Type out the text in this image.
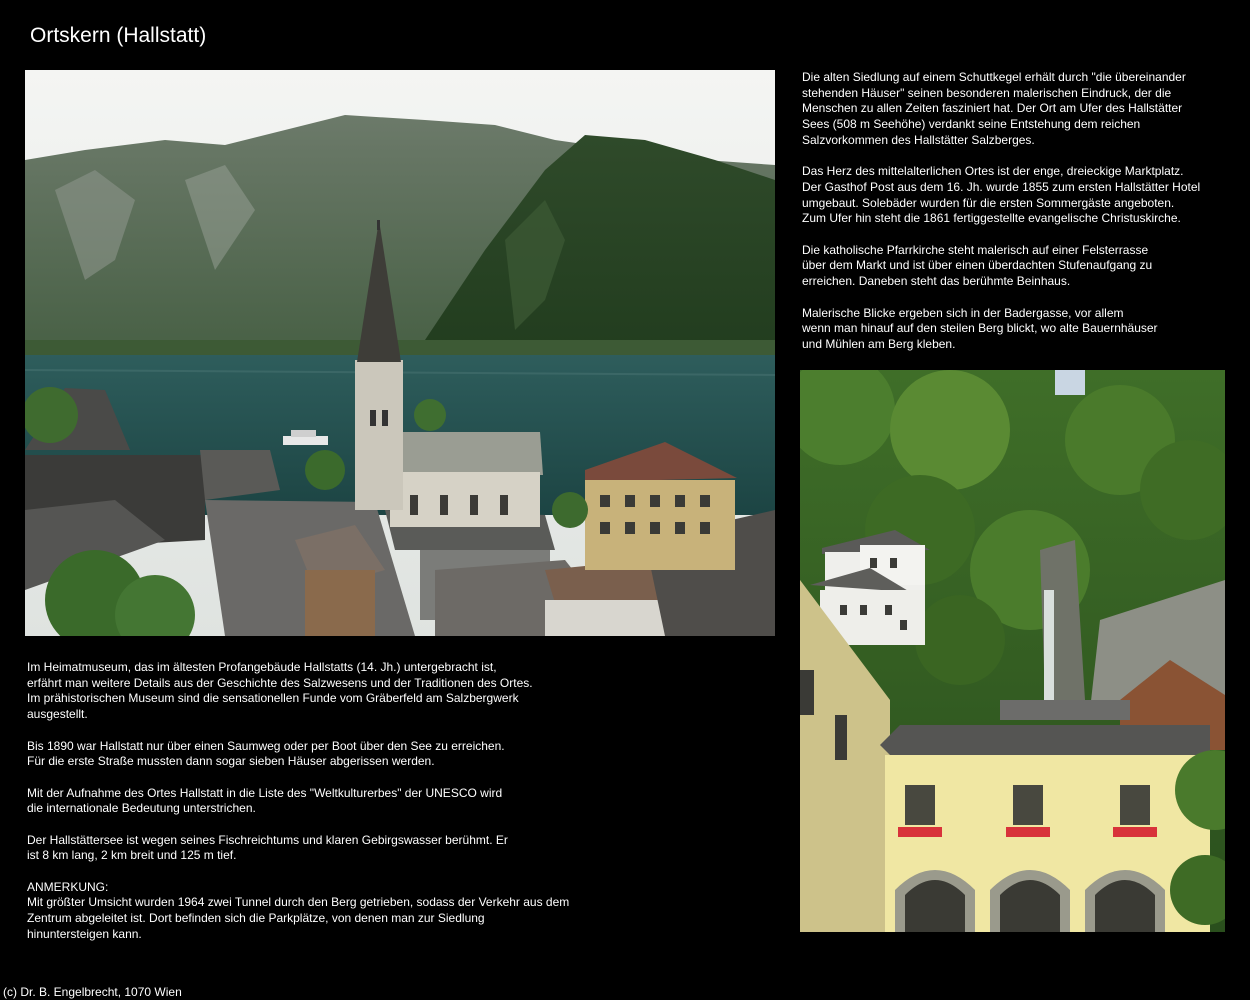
Ortskern (Hallstatt)

Die alten Siedlung auf einem Schuttkegel erhält durch "die übereinander
stehenden Häuser" seinen besonderen malerischen Eindruck, der die
Menschen zu allen Zeiten fasziniert hat. Der Ort am Ufer des Hallstätter
Sees (508 m Seehöhe) verdankt seine Entstehung dem reichen
Salzvorkommen des Hallstätter Salzberges.

Das Herz des mittelalterlichen Ortes ist der enge, dreieckige Marktplatz.
Der Gasthof Post aus dem 16. Jh. wurde 1855 zum ersten Hallstätter Hotel
umgebaut. Solebäder wurden für die ersten Sommergäste angeboten.
Zum Ufer hin steht die 1861 fertiggestellte evangelische Christuskirche.

Die katholische Pfarrkirche steht malerisch auf einer Felsterrasse
über dem Markt und ist über einen überdachten Stufenaufgang zu
erreichen. Daneben steht das berühmte Beinhaus.

Malerische Blicke ergeben sich in der Badergasse, vor allem
wenn man hinauf auf den steilen Berg blickt, wo alte Bauernhäuser
und Mühlen am Berg kleben.

Im Heimatmuseum, das im ältesten Profangebäude Hallstatts (14. Jh.) untergebracht ist,
erfährt man weitere Details aus der Geschichte des Salzwesens und der Traditionen des Ortes.
Im prähistorischen Museum sind die sensationellen Funde vom Gräberfeld am Salzbergwerk
ausgestellt.

Bis 1890 war Hallstatt nur über einen Saumweg oder per Boot über den See zu erreichen.
Für die erste Straße mussten dann sogar sieben Häuser abgerissen werden.

Mit der Aufnahme des Ortes Hallstatt in die Liste des "Weltkulturerbes" der UNESCO wird
die internationale Bedeutung unterstrichen.

Der Hallstättersee ist wegen seines Fischreichtums und klaren Gebirgswasser berühmt. Er
ist 8 km lang, 2 km breit und 125 m tief.

ANMERKUNG:
Mit größter Umsicht wurden 1964 zwei Tunnel durch den Berg getrieben, sodass der Verkehr aus dem
Zentrum abgeleitet ist. Dort befinden sich die Parkplätze, von denen man zur Siedlung
hinuntersteigen kann.

(c) Dr. B. Engelbrecht, 1070 Wien
